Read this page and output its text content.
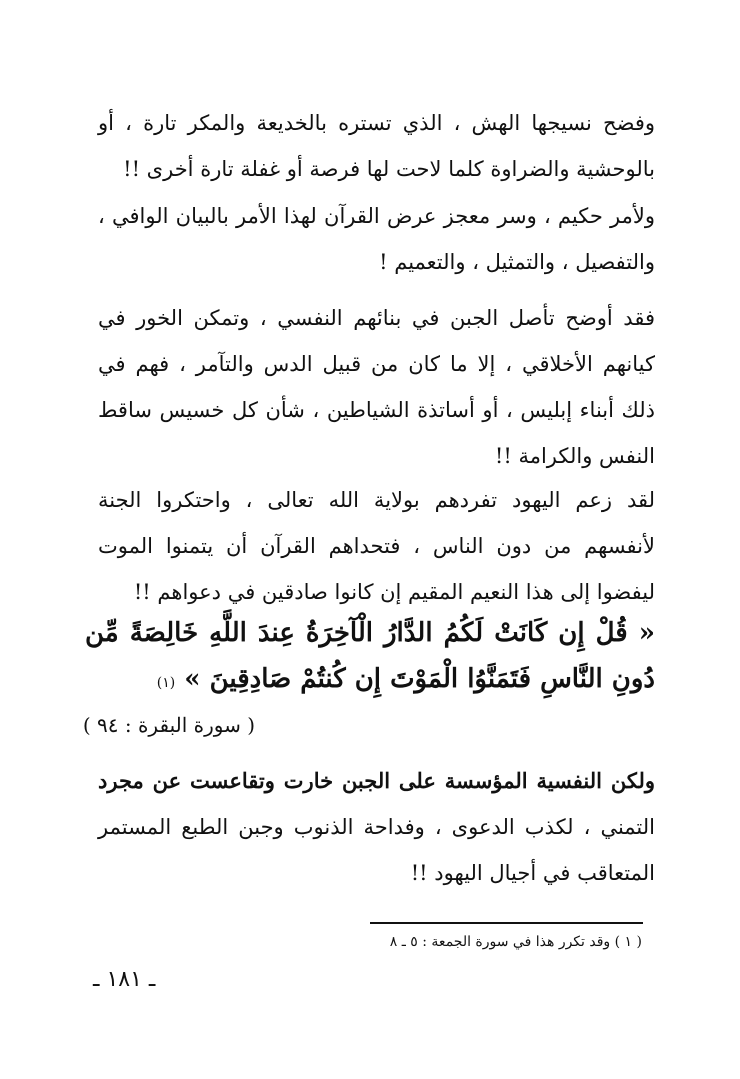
وفضح نسيجها الهش ، الذي تستره بالخديعة والمكر تارة ، أو بالوحشية والضراوة كلما لاحت لها فرصة أو غفلة تارة أخرى !!

ولأمر حكيم ، وسر معجز عرض القرآن لهذا الأمر بالبيان الوافي ، والتفصيل ، والتمثيل ، والتعميم !

فقد أوضح تأصل الجبن في بنائهم النفسي ، وتمكن الخور في كيانهم الأخلاقي ، إلا ما كان من قبيل الدس والتآمر ، فهم في ذلك أبناء إبليس ، أو أساتذة الشياطين ، شأن كل خسيس ساقط النفس والكرامة !!

لقد زعم اليهود تفردهم بولاية الله تعالى ، واحتكروا الجنة لأنفسهم من دون الناس ، فتحداهم القرآن أن يتمنوا الموت ليفضوا إلى هذا النعيم المقيم إن كانوا صادقين في دعواهم !!

« قُلْ إِن كَانَتْ لَكُمُ الدَّارُ الْآخِرَةُ عِندَ اللَّهِ خَالِصَةً مِّن دُونِ النَّاسِ فَتَمَنَّوُا الْمَوْتَ إِن كُنتُمْ صَادِقِينَ » (١)
( سورة البقرة : ٩٤ )

ولكن النفسية المؤسسة على الجبن خارت وتقاعست عن مجرد التمني ، لكذب الدعوى ، وفداحة الذنوب وجبن الطبع المستمر المتعاقب في أجيال اليهود !!

( ١ ) وقد تكرر هذا في سورة الجمعة : ٥ ـ ٨
ـ ١٨١ ـ
